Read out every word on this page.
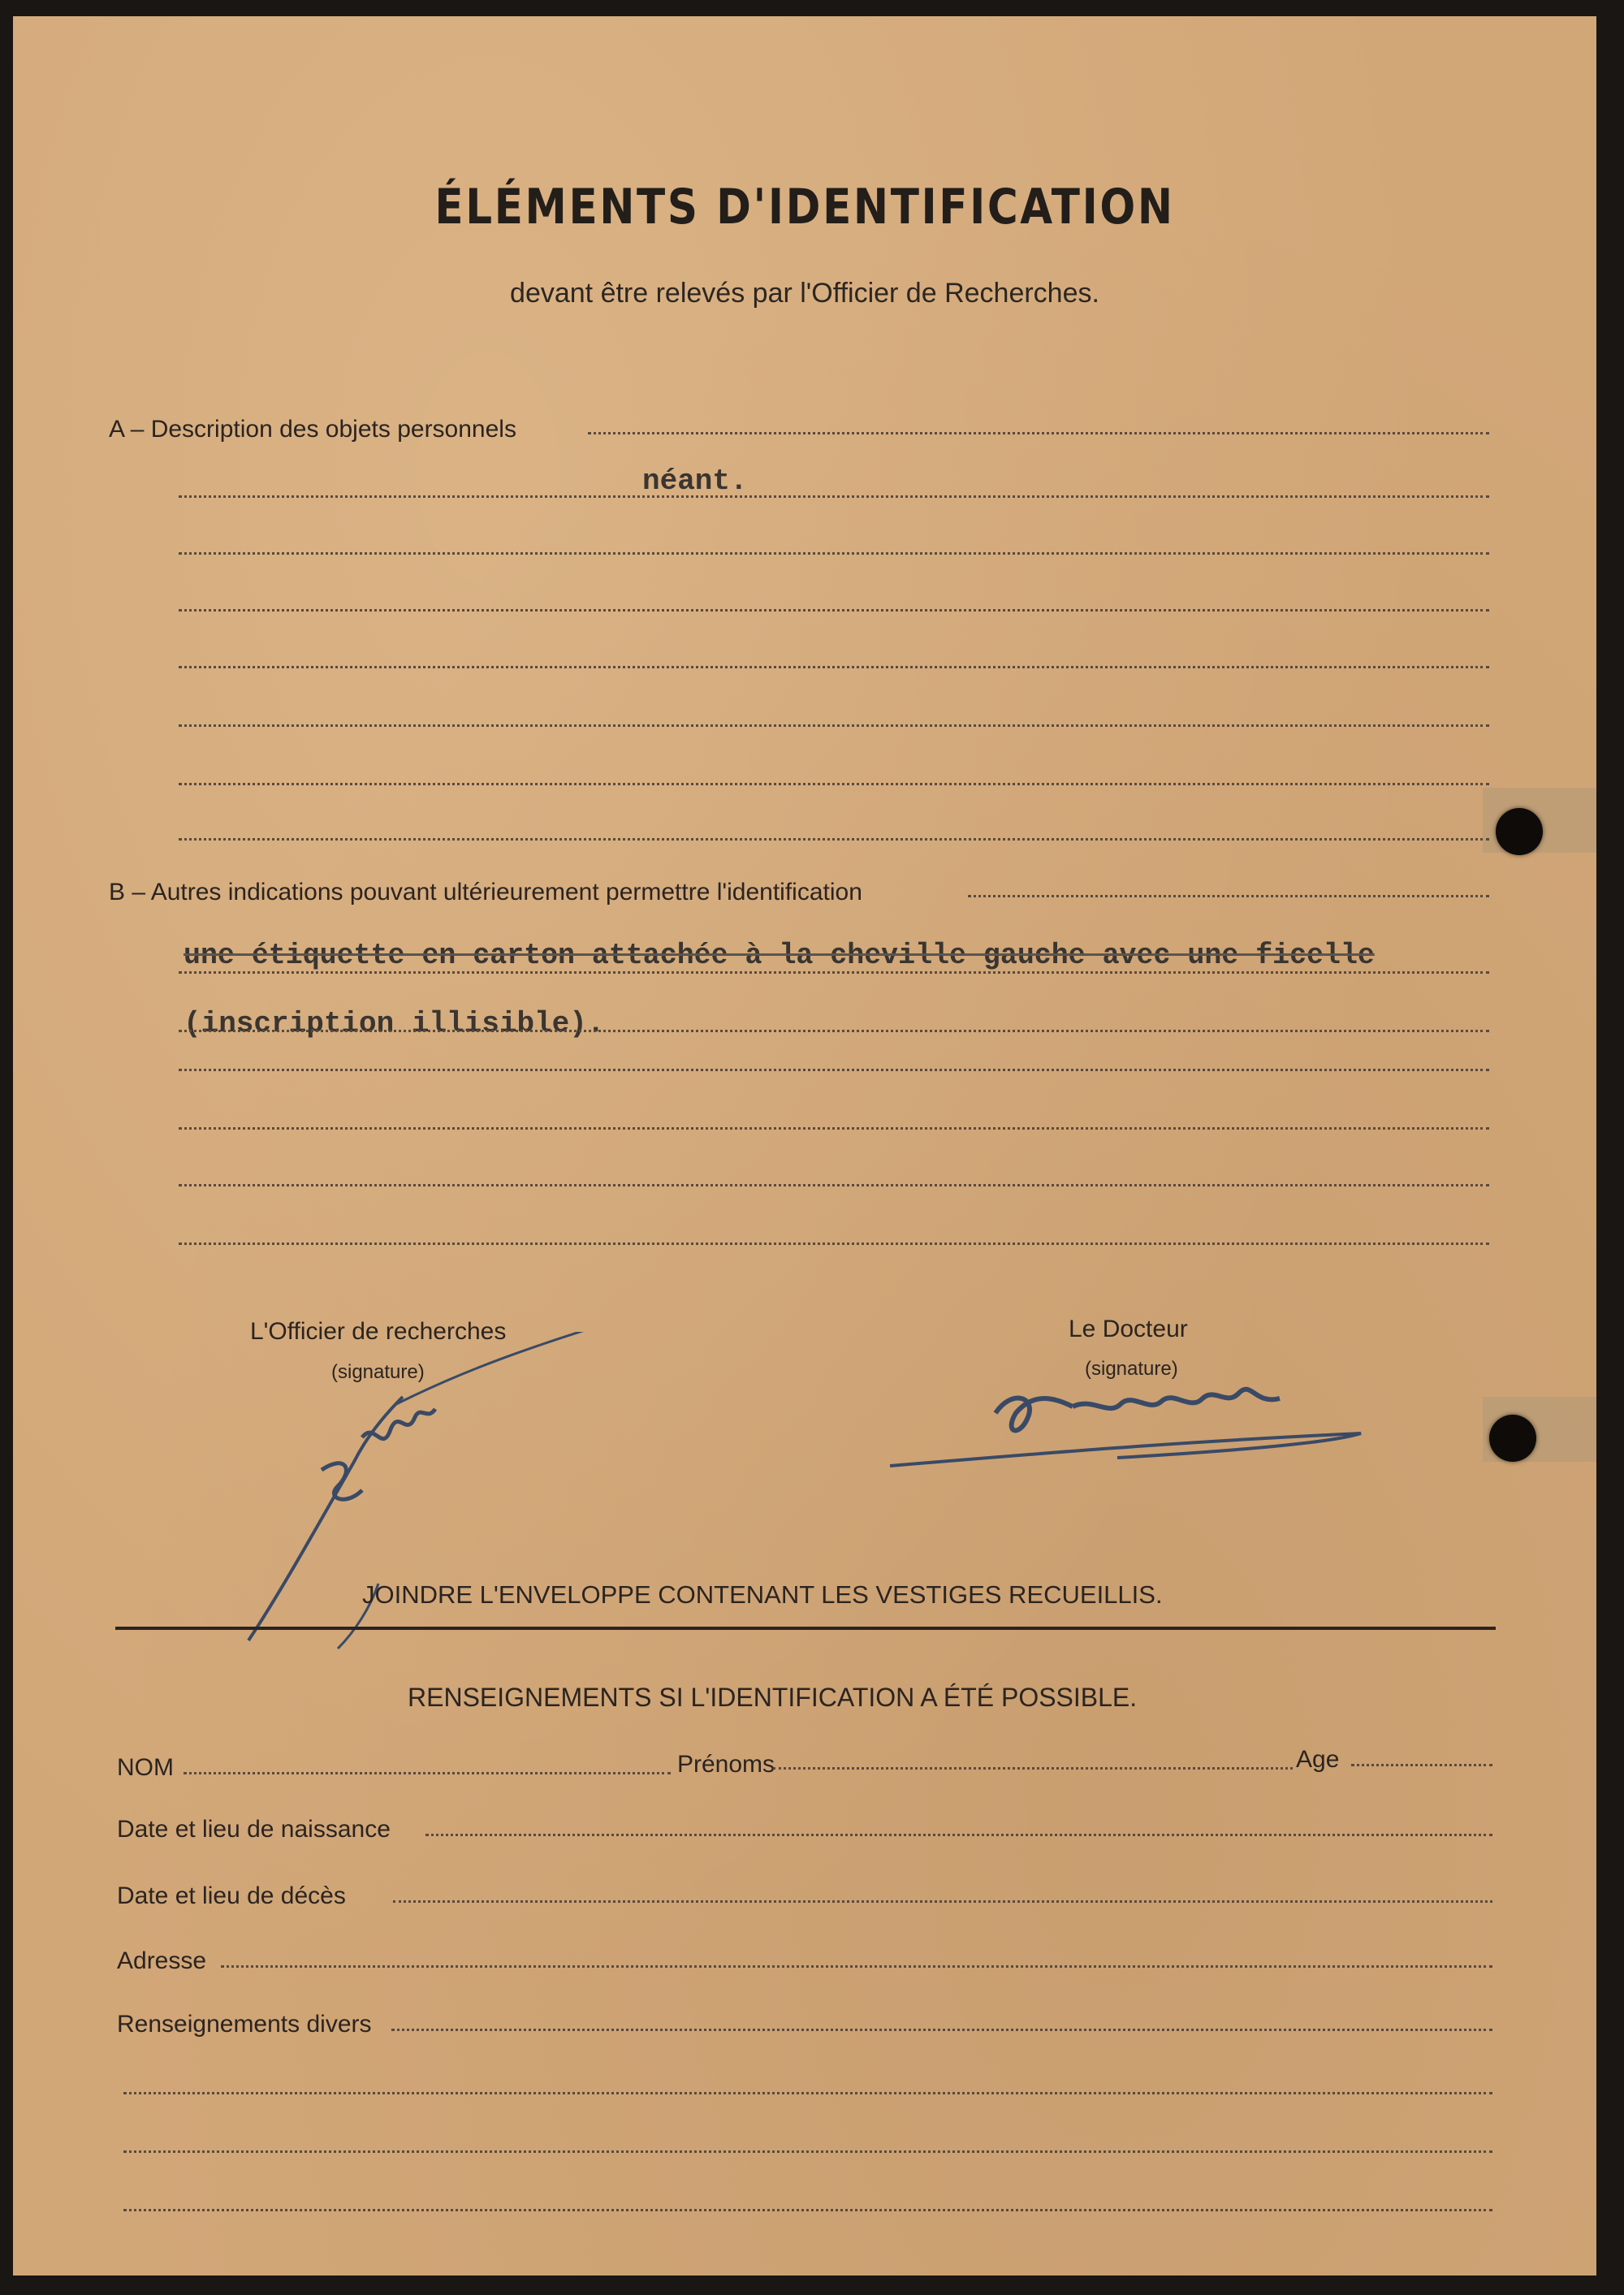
ÉLÉMENTS D'IDENTIFICATION
devant être relevés par l'Officier de Recherches.
A – Description des objets personnels
néant.
B – Autres indications pouvant ultérieurement permettre l'identification
une étiquette en carton attachée à la cheville gauche avec une ficelle
(inscription illisible).
L'Officier de recherches
(signature)
Le Docteur
(signature)
JOINDRE L'ENVELOPPE CONTENANT LES VESTIGES RECUEILLIS.
RENSEIGNEMENTS SI L'IDENTIFICATION A ÉTÉ POSSIBLE.
NOM	Prénoms	Age
Date et lieu de naissance
Date et lieu de décès
Adresse
Renseignements divers
